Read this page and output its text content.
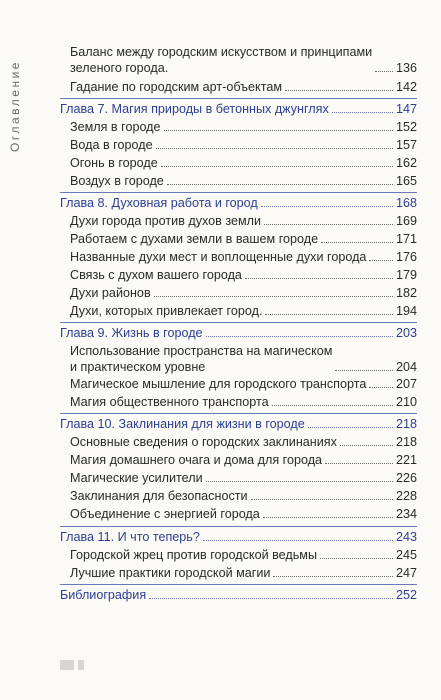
Оглавление
Баланс между городским искусством и принципами
зеленого города.	136
Гадание по городским арт-объектам	142
Глава 7. Магия природы в бетонных джунглях	147
Земля в городе	152
Вода в городе	157
Огонь в городе	162
Воздух в городе	165
Глава 8. Духовная работа и город	168
Духи города против духов земли	169
Работаем с духами земли в вашем городе	171
Названные духи мест и воплощенные духи города 176
Связь с духом вашего города	179
Духи районов	182
Духи, которых привлекает город.	194
Глава 9. Жизнь в городе	203
Использование пространства на магическом
и практическом уровне	204
Магическое мышление для городского транспорта 207
Магия общественного транспорта	210
Глава 10. Заклинания для жизни в городе	218
Основные сведения о городских заклинаниях	218
Магия домашнего очага и дома для города	221
Магические усилители	226
Заклинания для безопасности	228
Объединение с энергией города	234
Глава 11. И что теперь?	243
Городской жрец против городской ведьмы	245
Лучшие практики городской магии	247
Библиография	252
